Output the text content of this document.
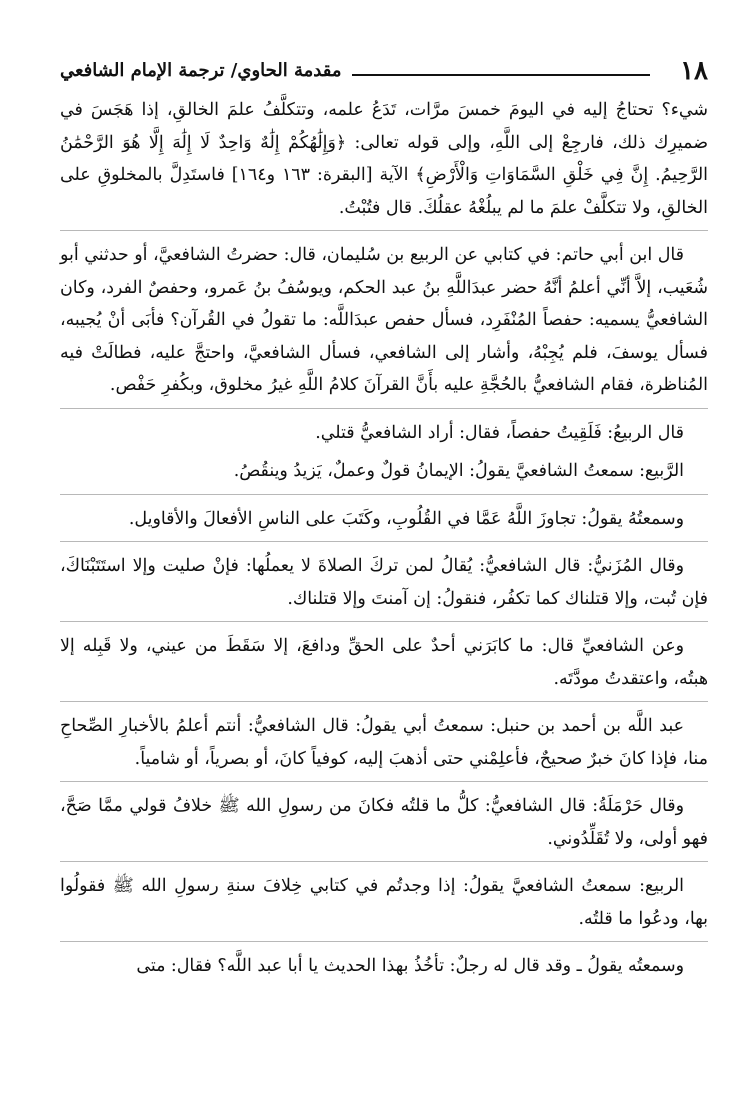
١٨
مقدمة الحاوي/ ترجمة الإمام الشافعي

شيء؟ تحتاجُ إليه في اليومَ خمسَ مرَّات، تَدَعُ علمه، وتتكلَّفُ علمَ الخالقِ، إذا هَجَسَ في ضميرِك ذلك، فارجِعْ إلى اللَّهِ، وإلى قوله تعالى: ﴿وَإِلَٰهُكُمْ إِلَٰهٌ وَاحِدٌ لَا إِلَٰهَ إِلَّا هُوَ الرَّحْمَٰنُ الرَّحِيمُ. إِنَّ فِي خَلْقِ السَّمَاوَاتِ وَالْأَرْضِ﴾ الآية [البقرة: ١٦٣ و١٦٤] فاستَدِلَّ بالمخلوقِ على الخالقِ، ولا تتكلَّفْ علمَ ما لم يبلُغْهُ عقلُكَ. قال فتُبْتُ.

قال ابن أبي حاتم: في كتابي عن الربيع بن سُليمان، قال: حضرتُ الشافعيَّ، أو حدثني أبو شُعَيب، إلاَّ أنِّي أعلمُ أنَّهُ حضر عبدَاللَّهِ بنُ عبد الحكم، ويوسُفُ بنُ عَمرو، وحفصٌ الفرد، وكان الشافعيُّ يسميه: حفصاً المُنْفَرِد، فسأل حفص عبدَاللَّه: ما تقولُ في القُرآن؟ فأبَى أنْ يُجيبه، فسأل يوسفَ، فلم يُجِبْهُ، وأشار إلى الشافعي، فسأل الشافعيَّ، واحتجَّ عليه، فطالَتْ فيه المُناظرة، فقام الشافعيُّ بالحُجَّةِ عليه بأَنَّ القرآنَ كلامُ اللَّهِ غيرُ مخلوق، وبكُفرِ حَفْص.

قال الربيعُ: فَلَقِيتُ حفصاً، فقال: أراد الشافعيُّ قتلي.

الرَّبيع: سمعتُ الشافعيَّ يقولُ: الإيمانُ قولٌ وعملٌ، يَزيدُ وينقُصُ.

وسمعتُهُ يقولُ: تجاوزَ اللَّهُ عَمَّا في القُلُوبِ، وكَتَبَ على الناسِ الأفعالَ والأقاويل.

وقال المُزَنيُّ: قال الشافعيُّ: يُقالُ لمن تركَ الصلاةَ لا يعملُها: فإنْ صليت وإلا استَتَبْنَاكَ، فإن تُبت، وإلا قتلناك كما تكفُر، فنقولُ: إن آمنتَ وإلا قتلناك.

وعن الشافعيِّ قال: ما كابَرَني أحدٌ على الحقِّ ودافعَ، إلا سَقَطَ من عيني، ولا قَبِله إلا هبتُه، واعتقدتُ مودَّتَه.

عبد اللَّه بن أحمد بن حنبل: سمعتُ أبي يقولُ: قال الشافعيُّ: أنتم أعلمُ بالأخبارِ الصِّحاحِ منا، فإذا كانَ خبرٌ صحيحٌ، فأعلِمْني حتى أذهبَ إليه، كوفياً كانَ، أو بصرياً، أو شامياً.

وقال حَرْمَلَةُ: قال الشافعيُّ: كلُّ ما قلتُه فكانَ من رسولِ الله ﷺ خلافُ قولي ممَّا صَحَّ، فهو أولى، ولا تُقَلِّدُوني.

الربيع: سمعتُ الشافعيَّ يقولُ: إذا وجدتُم في كتابي خِلافَ سنةِ رسولِ الله ﷺ فقولُوا بها، ودعُوا ما قلتُه.

وسمعتُه يقولُ ـ وقد قال له رجلٌ: تأخُذُ بهذا الحديث يا أبا عبد اللَّه؟ فقال: متى
